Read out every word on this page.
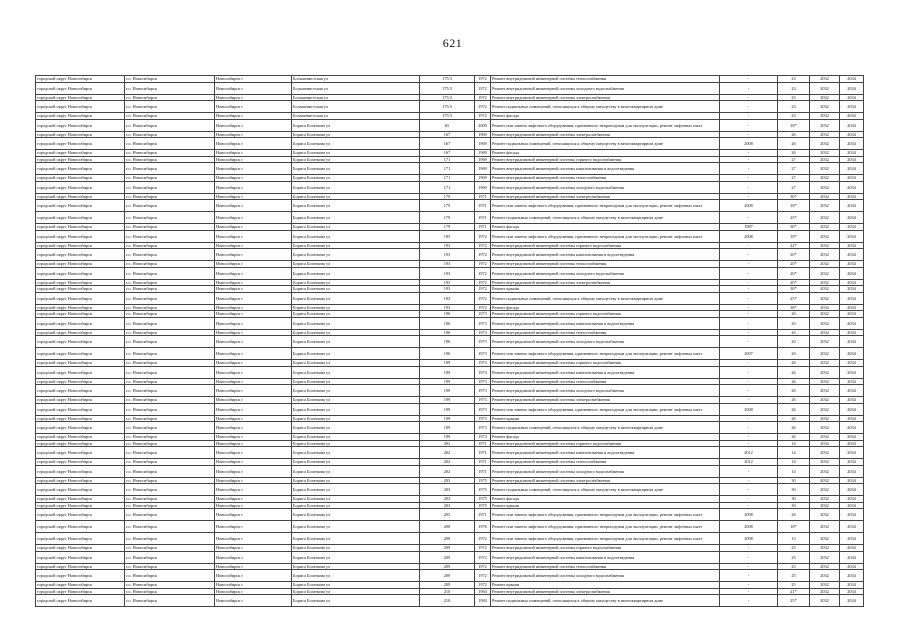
621
городской округ Новосибирск	г.о. Новосибирск	Новосибирск г	Большевистская ул	175/3	1972	Ремонт внутридомовой инженерной системы теплоснабжения	-	23	2032	2034
городской округ Новосибирск	г.о. Новосибирск	Новосибирск г	Большевистская ул	175/3	1972	Ремонт внутридомовой инженерной системы холодного водоснабжения	-	23	2032	2034
городской округ Новосибирск	г.о. Новосибирск	Новосибирск г	Большевистская ул	175/3	1972	Ремонт внутридомовой инженерной системы электроснабжения	-	23	2032	2034
городской округ Новосибирск	г.о. Новосибирск	Новосибирск г	Большевистская ул	175/3	1972	Ремонт подвальных помещений, относящихся к общему имуществу в многоквартирном доме	-	23	2032	2034
городской округ Новосибирск	г.о. Новосибирск	Новосибирск г	Большевистская ул	175/3	1972	Ремонт фасада	-	23	2032	2034
городской округ Новосибирск	г.о. Новосибирск	Новосибирск г	Бориса Богаткова ул	65	2009	Ремонт или замена лифтового оборудования, признанного непригодным для эксплуатации, ремонт лифтовых шахт	-	18*	2032	2034
городской округ Новосибирск	г.о. Новосибирск	Новосибирск г	Бориса Богаткова ул	167	1969	Ремонт внутридомовой инженерной системы электроснабжения	-	26	2032	2034
городской округ Новосибирск	г.о. Новосибирск	Новосибирск г	Бориса Богаткова ул	167	1969	Ремонт подвальных помещений, относящихся к общему имуществу в многоквартирном доме	2008	26	2032	2034
городской округ Новосибирск	г.о. Новосибирск	Новосибирск г	Бориса Богаткова ул	167	1969	Ремонт фасада	-	26	2032	2034
городской округ Новосибирск	г.о. Новосибирск	Новосибирск г	Бориса Богаткова ул	171	1969	Ремонт внутридомовой инженерной системы горячего водоснабжения	-	27	2032	2034
городской округ Новосибирск	г.о. Новосибирск	Новосибирск г	Бориса Богаткова ул	171	1969	Ремонт внутридомовой инженерной системы канализования и водоотведения	-	27	2032	2034
городской округ Новосибирск	г.о. Новосибирск	Новосибирск г	Бориса Богаткова ул	171	1969	Ремонт внутридомовой инженерной системы теплоснабжения	-	27	2032	2034
городской округ Новосибирск	г.о. Новосибирск	Новосибирск г	Бориса Богаткова ул	171	1969	Ремонт внутридомовой инженерной системы холодного водоснабжения	-	27	2032	2034
городской округ Новосибирск	г.о. Новосибирск	Новосибирск г	Бориса Богаткова ул	179	1971	Ремонт внутридомовой инженерной системы электроснабжения	-	30*	2032	2034
городской округ Новосибирск	г.о. Новосибирск	Новосибирск г	Бориса Богаткова ул	179	1971	Ремонт или замена лифтового оборудования, признанного непригодным для эксплуатации, ремонт лифтовых шахт	2008	18*	2032	2034
городской округ Новосибирск	г.о. Новосибирск	Новосибирск г	Бориса Богаткова ул	179	1971	Ремонт подвальных помещений, относящихся к общему имуществу в многоквартирном доме	-	25*	2032	2034
городской округ Новосибирск	г.о. Новосибирск	Новосибирск г	Бориса Богаткова ул	179	1971	Ремонт фасада	1987	30*	2032	2034
городской округ Новосибирск	г.о. Новосибирск	Новосибирск г	Бориса Богаткова ул	185	1972	Ремонт или замена лифтового оборудования, признанного непригодным для эксплуатации, ремонт лифтовых шахт	2008	18*	2032	2034
городской округ Новосибирск	г.о. Новосибирск	Новосибирск г	Бориса Богаткова ул	193	1972	Ремонт внутридомовой инженерной системы горячего водоснабжения	-	22*	2032	2034
городской округ Новосибирск	г.о. Новосибирск	Новосибирск г	Бориса Богаткова ул	193	1972	Ремонт внутридомовой инженерной системы канализования и водоотведения	-	20*	2032	2034
городской округ Новосибирск	г.о. Новосибирск	Новосибирск г	Бориса Богаткова ул	193	1972	Ремонт внутридомовой инженерной системы теплоснабжения	-	20*	2032	2034
городской округ Новосибирск	г.о. Новосибирск	Новосибирск г	Бориса Богаткова ул	193	1972	Ремонт внутридомовой инженерной системы холодного водоснабжения	-	20*	2032	2034
городской округ Новосибирск	г.о. Новосибирск	Новосибирск г	Бориса Богаткова ул	193	1972	Ремонт внутридомовой инженерной системы электроснабжения	-	20*	2032	2034
городской округ Новосибирск	г.о. Новосибирск	Новосибирск г	Бориса Богаткова ул	193	1972	Ремонт крыши	-	30*	2032	2034
городской округ Новосибирск	г.о. Новосибирск	Новосибирск г	Бориса Богаткова ул	193	1972	Ремонт подвальных помещений, относящихся к общему имуществу в многоквартирном доме	-	25*	2032	2034
городской округ Новосибирск	г.о. Новосибирск	Новосибирск г	Бориса Богаткова ул	193	1972	Ремонт фасада	-	38*	2032	2034
городской округ Новосибирск	г.о. Новосибирск	Новосибирск г	Бориса Богаткова ул	196	1973	Ремонт внутридомовой инженерной системы горячего водоснабжения	-	20	2032	2034
городской округ Новосибирск	г.о. Новосибирск	Новосибирск г	Бориса Богаткова ул	196	1973	Ремонт внутридомовой инженерной системы канализования и водоотведения	-	20	2032	2034
городской округ Новосибирск	г.о. Новосибирск	Новосибирск г	Бориса Богаткова ул	196	1973	Ремонт внутридомовой инженерной системы теплоснабжения	-	20	2032	2034
городской округ Новосибирск	г.о. Новосибирск	Новосибирск г	Бориса Богаткова ул	196	1973	Ремонт внутридомовой инженерной системы холодного водоснабжения	-	20	2032	2034
городской округ Новосибирск	г.о. Новосибирск	Новосибирск г	Бориса Богаткова ул	196	1973	Ремонт или замена лифтового оборудования, признанного непригодным для эксплуатации, ремонт лифтовых шахт	2007	20	2032	2034
городской округ Новосибирск	г.о. Новосибирск	Новосибирск г	Бориса Богаткова ул	199	1973	Ремонт внутридомовой инженерной системы горячего водоснабжения	-	26	2032	2034
городской округ Новосибирск	г.о. Новосибирск	Новосибирск г	Бориса Богаткова ул	199	1973	Ремонт внутридомовой инженерной системы канализования и водоотведения	-	26	2032	2034
городской округ Новосибирск	г.о. Новосибирск	Новосибирск г	Бориса Богаткова ул	199	1973	Ремонт внутридомовой инженерной системы теплоснабжения	-	26	2032	2034
городской округ Новосибирск	г.о. Новосибирск	Новосибирск г	Бориса Богаткова ул	199	1973	Ремонт внутридомовой инженерной системы холодного водоснабжения	-	26	2032	2034
городской округ Новосибирск	г.о. Новосибирск	Новосибирск г	Бориса Богаткова ул	199	1973	Ремонт внутридомовой инженерной системы электроснабжения	-	26	2032	2034
городской округ Новосибирск	г.о. Новосибирск	Новосибирск г	Бориса Богаткова ул	199	1973	Ремонт или замена лифтового оборудования, признанного непригодным для эксплуатации, ремонт лифтовых шахт	2008	26	2032	2034
городской округ Новосибирск	г.о. Новосибирск	Новосибирск г	Бориса Богаткова ул	199	1973	Ремонт крыши	-	26	2032	2034
городской округ Новосибирск	г.о. Новосибирск	Новосибирск г	Бориса Богаткова ул	199	1973	Ремонт подвальных помещений, относящихся к общему имуществу в многоквартирном доме	-	26	2032	2034
городской округ Новосибирск	г.о. Новосибирск	Новосибирск г	Бориса Богаткова ул	199	1973	Ремонт фасада	-	26	2032	2034
городской округ Новосибирск	г.о. Новосибирск	Новосибирск г	Бориса Богаткова ул	202	1971	Ремонт внутридомовой инженерной системы горячего водоснабжения	-	14	2032	2034
городской округ Новосибирск	г.о. Новосибирск	Новосибирск г	Бориса Богаткова ул	202	1971	Ремонт внутридомовой инженерной системы канализования и водоотведения	2012	14	2032	2034
городской округ Новосибирск	г.о. Новосибирск	Новосибирск г	Бориса Богаткова ул	202	1971	Ремонт внутридомовой инженерной системы теплоснабжения	2012	14	2032	2034
городской округ Новосибирск	г.о. Новосибирск	Новосибирск г	Бориса Богаткова ул	202	1971	Ремонт внутридомовой инженерной системы холодного водоснабжения	-	14	2032	2034
городской округ Новосибирск	г.о. Новосибирск	Новосибирск г	Бориса Богаткова ул	203	1975	Ремонт внутридомовой инженерной системы электроснабжения	-	30	2032	2034
городской округ Новосибирск	г.о. Новосибирск	Новосибирск г	Бориса Богаткова ул	203	1975	Ремонт подвальных помещений, относящихся к общему имуществу в многоквартирном доме	-	30	2032	2034
городской округ Новосибирск	г.о. Новосибирск	Новосибирск г	Бориса Богаткова ул	203	1975	Ремонт фасада	-	30	2032	2034
городской округ Новосибирск	г.о. Новосибирск	Новосибирск г	Бориса Богаткова ул	203	1975	Ремонт крыши	-	30	2032	2034
городской округ Новосибирск	г.о. Новосибирск	Новосибирск г	Бориса Богаткова ул	205	1971	Ремонт или замена лифтового оборудования, признанного непригодным для эксплуатации, ремонт лифтовых шахт	2008	26	2032	2034
городской округ Новосибирск	г.о. Новосибирск	Новосибирск г	Бориса Богаткова ул	208	1976	Ремонт или замена лифтового оборудования, признанного непригодным для эксплуатации, ремонт лифтовых шахт	2008	18*	2032	2034
городской округ Новосибирск	г.о. Новосибирск	Новосибирск г	Бориса Богаткова ул	208	1972	Ремонт или замена лифтового оборудования, признанного непригодным для эксплуатации, ремонт лифтовых шахт	2008	13	2032	2034
городской округ Новосибирск	г.о. Новосибирск	Новосибирск г	Бориса Богаткова ул	209	1972	Ремонт внутридомовой инженерной системы горячего водоснабжения	-	25	2032	2034
городской округ Новосибирск	г.о. Новосибирск	Новосибирск г	Бориса Богаткова ул	209	1972	Ремонт внутридомовой инженерной системы канализования и водоотведения	-	25	2032	2034
городской округ Новосибирск	г.о. Новосибирск	Новосибирск г	Бориса Богаткова ул	209	1972	Ремонт внутридомовой инженерной системы теплоснабжения	-	25	2032	2034
городской округ Новосибирск	г.о. Новосибирск	Новосибирск г	Бориса Богаткова ул	209	1972	Ремонт внутридомовой инженерной системы холодного водоснабжения	-	25	2032	2034
городской округ Новосибирск	г.о. Новосибирск	Новосибирск г	Бориса Богаткова ул	209	1972	Ремонт крыши	-	25	2032	2034
городской округ Новосибирск	г.о. Новосибирск	Новосибирск г	Бориса Богаткова ул	210	1984	Ремонт внутридомовой инженерной системы электроснабжения	-	21*	2032	2034
городской округ Новосибирск	г.о. Новосибирск	Новосибирск г	Бориса Богаткова ул	210	1984	Ремонт подвальных помещений, относящихся к общему имуществу в многоквартирном доме	-	25*	2032	2034
